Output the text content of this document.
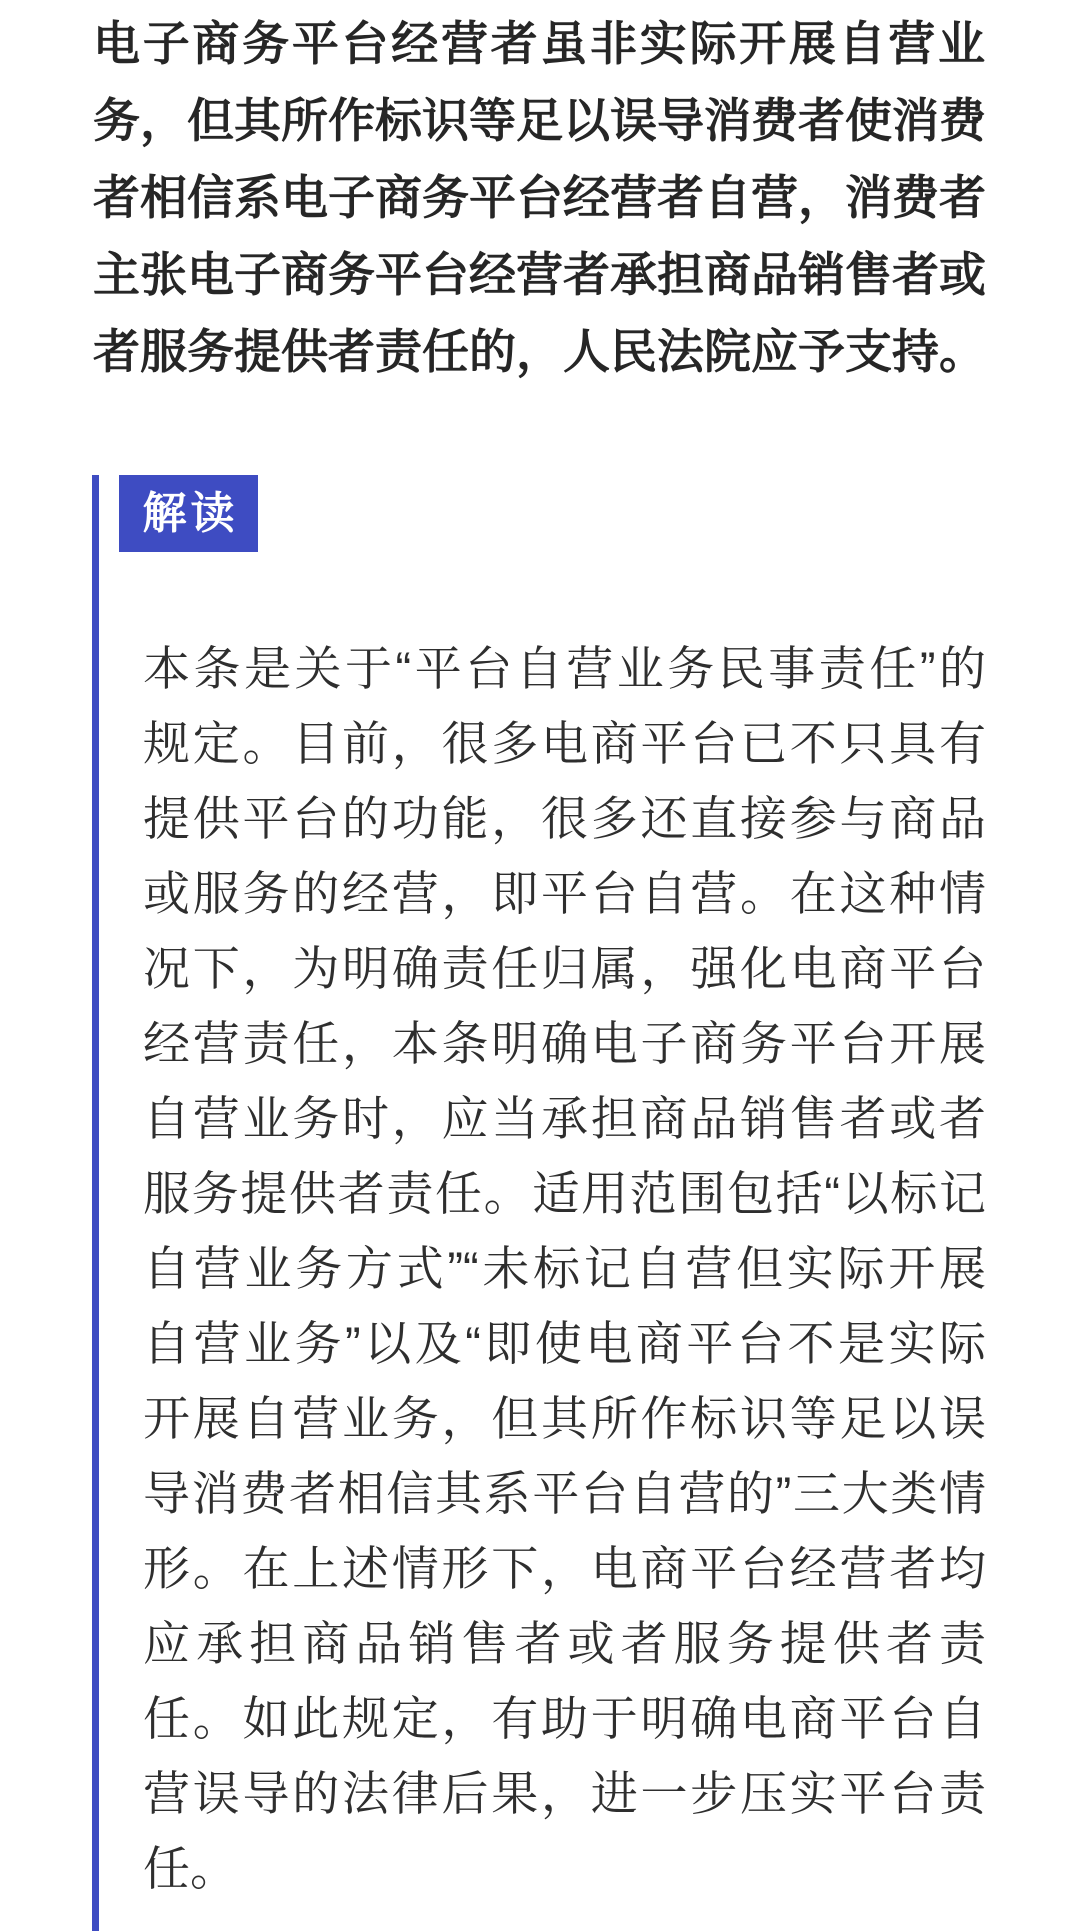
电子商务平台经营者虽非实际开展自营业
务，但其所作标识等足以误导消费者使消费
者相信系电子商务平台经营者自营，消费者
主张电子商务平台经营者承担商品销售者或
者服务提供者责任的，人民法院应予支持。
解读
本条是关于“平台自营业务民事责任”的
规定。目前，很多电商平台已不只具有
提供平台的功能，很多还直接参与商品
或服务的经营，即平台自营。在这种情
况下，为明确责任归属，强化电商平台
经营责任，本条明确电子商务平台开展
自营业务时，应当承担商品销售者或者
服务提供者责任。适用范围包括“以标记
自营业务方式”“未标记自营但实际开展
自营业务”以及“即使电商平台不是实际
开展自营业务，但其所作标识等足以误
导消费者相信其系平台自营的”三大类情
形。在上述情形下，电商平台经营者均
应承担商品销售者或者服务提供者责
任。如此规定，有助于明确电商平台自
营误导的法律后果，进一步压实平台责
任。
